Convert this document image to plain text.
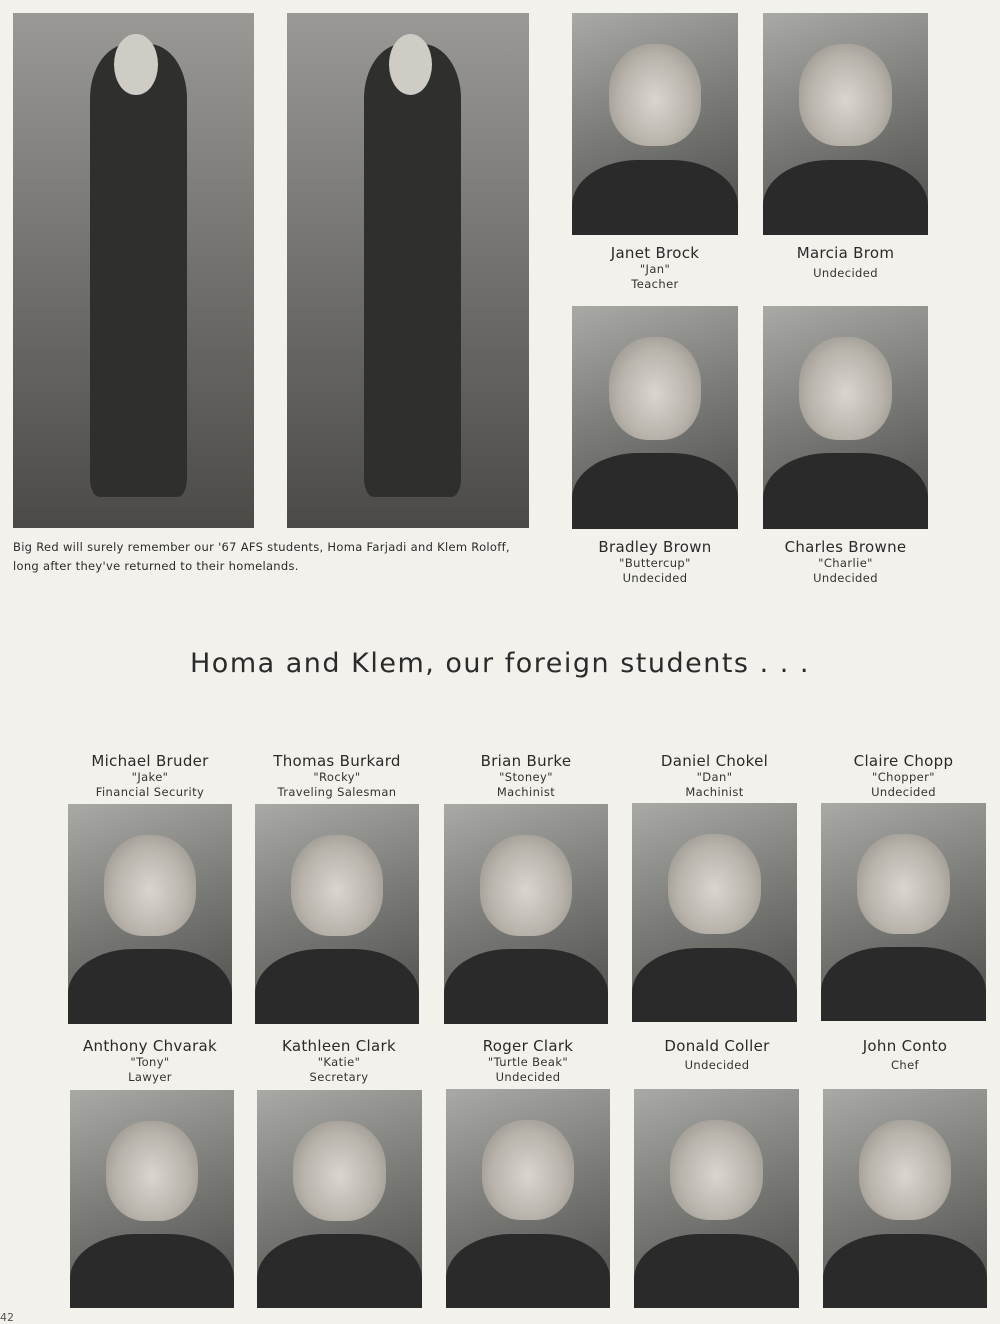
Big Red will surely remember our '67 AFS students, Homa Farjadi and Klem Roloff, long after they've returned to their homelands.
Janet Brock
"Jan"
Teacher
Marcia Brom
Undecided
Bradley Brown
"Buttercup"
Undecided
Charles Browne
"Charlie"
Undecided
Homa and Klem, our foreign students . . .
Michael Bruder
"Jake"
Financial Security
Thomas Burkard
"Rocky"
Traveling Salesman
Brian Burke
"Stoney"
Machinist
Daniel Chokel
"Dan"
Machinist
Claire Chopp
"Chopper"
Undecided
Anthony Chvarak
"Tony"
Lawyer
Kathleen Clark
"Katie"
Secretary
Roger Clark
"Turtle Beak"
Undecided
Donald Coller
Undecided
John Conto
Chef
42
